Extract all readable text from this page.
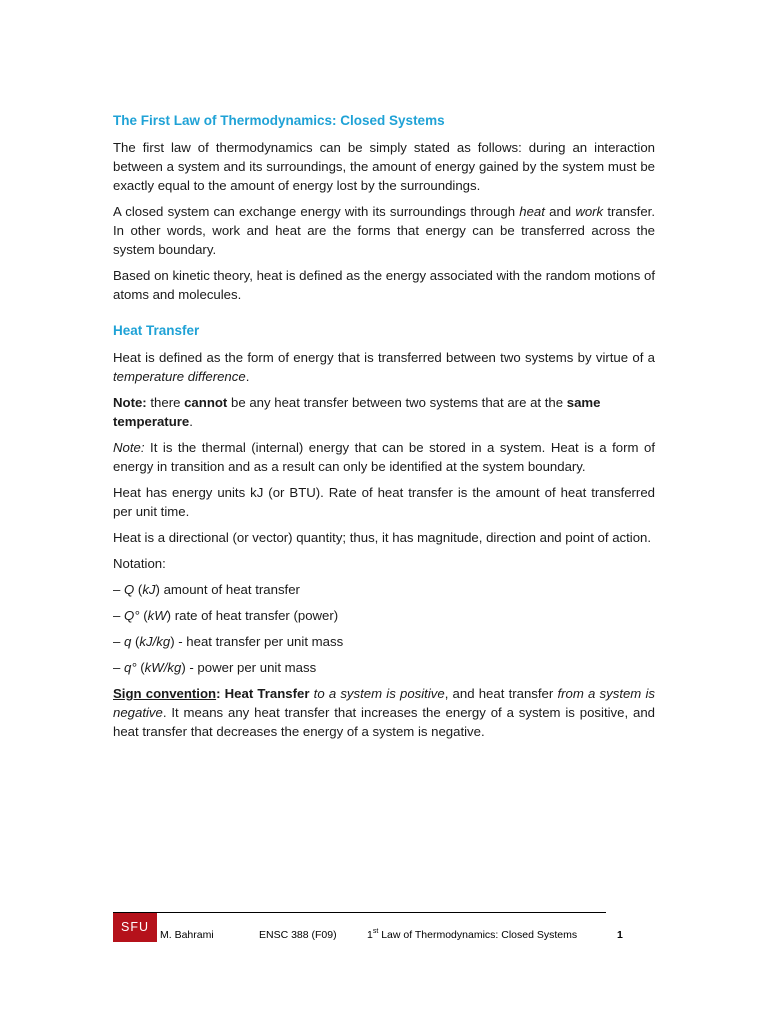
The First Law of Thermodynamics: Closed Systems

The first law of thermodynamics can be simply stated as follows: during an interaction between a system and its surroundings, the amount of energy gained by the system must be exactly equal to the amount of energy lost by the surroundings.

A closed system can exchange energy with its surroundings through heat and work transfer. In other words, work and heat are the forms that energy can be transferred across the system boundary.

Based on kinetic theory, heat is defined as the energy associated with the random motions of atoms and molecules.

Heat Transfer

Heat is defined as the form of energy that is transferred between two systems by virtue of a temperature difference.

Note: there cannot be any heat transfer between two systems that are at the same temperature.

Note: It is the thermal (internal) energy that can be stored in a system. Heat is a form of energy in transition and as a result can only be identified at the system boundary.

Heat has energy units kJ (or BTU). Rate of heat transfer is the amount of heat transferred per unit time.

Heat is a directional (or vector) quantity; thus, it has magnitude, direction and point of action.

Notation:

– Q (kJ) amount of heat transfer

– Q° (kW) rate of heat transfer (power)

– q (kJ/kg) - heat transfer per unit mass

– q° (kW/kg) - power per unit mass

Sign convention: Heat Transfer to a system is positive, and heat transfer from a system is negative. It means any heat transfer that increases the energy of a system is positive, and heat transfer that decreases the energy of a system is negative.

SFU
M. Bahrami	ENSC 388 (F09)	1st Law of Thermodynamics: Closed Systems	1
